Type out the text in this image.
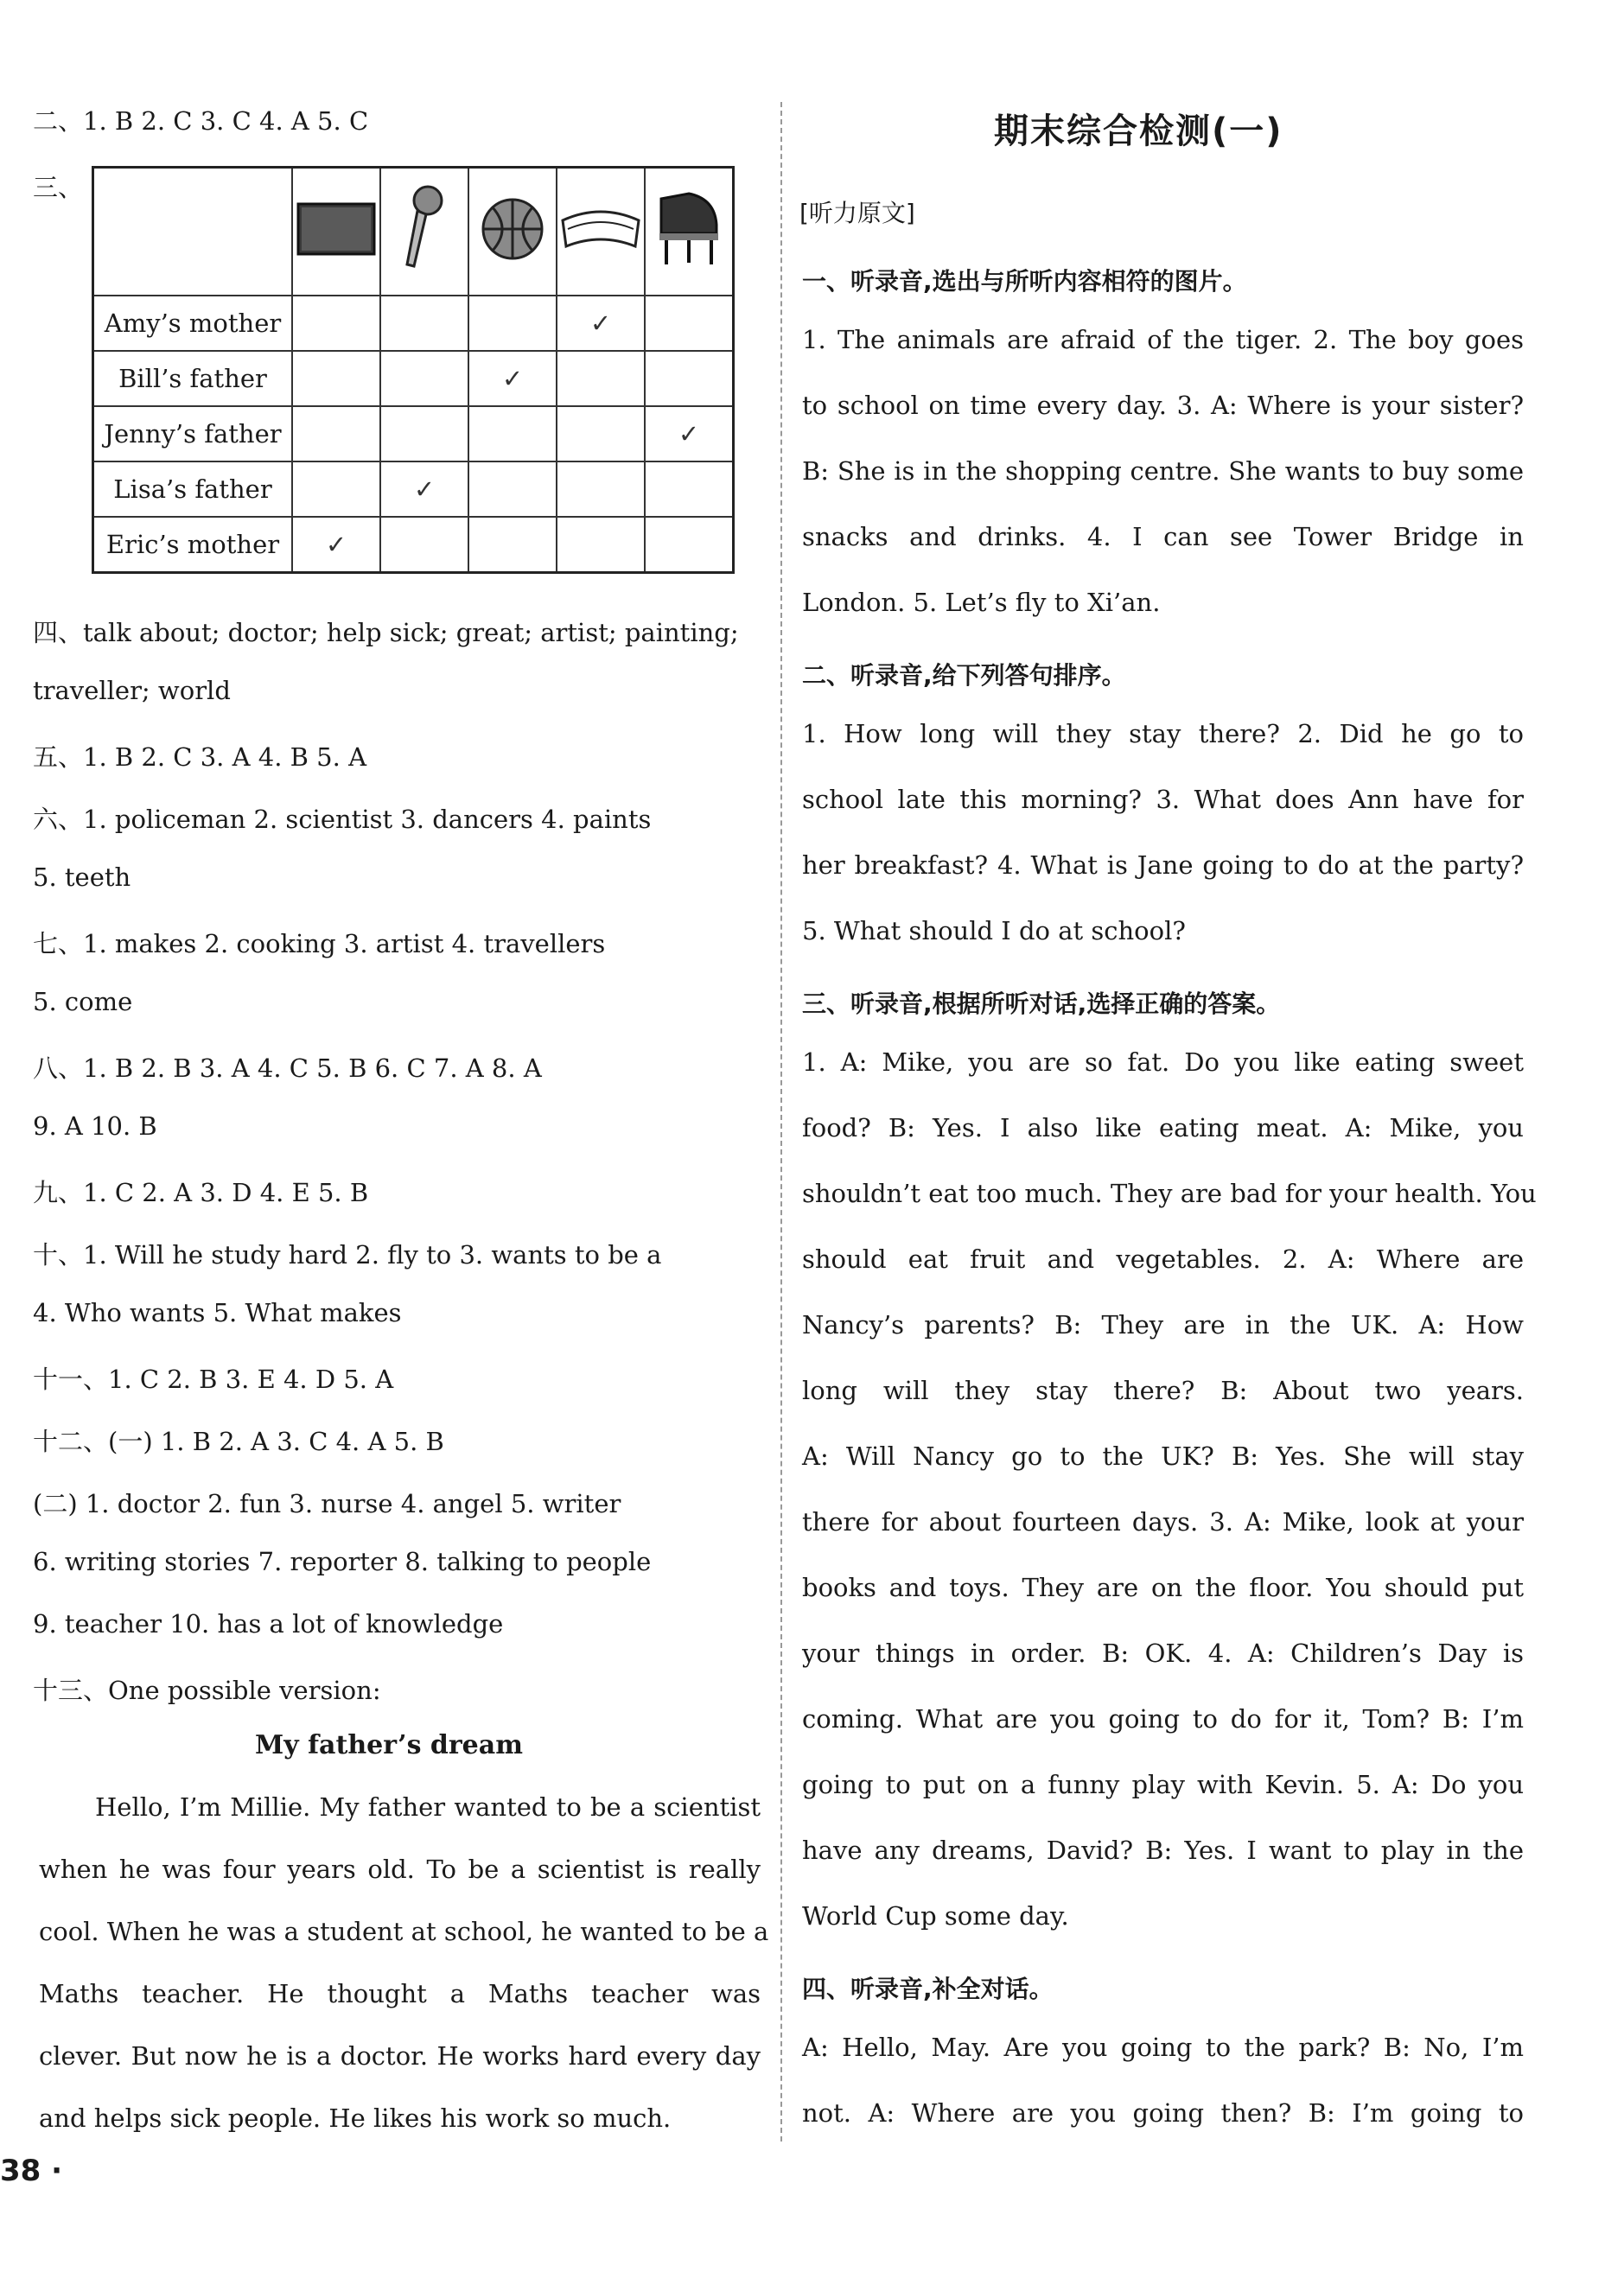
二、1. B 2. C 3. C 4. A 5. C
三、

Amy’s mother				✓	
Bill’s father			✓		
Jenny’s father					✓
Lisa’s father		✓			
Eric’s mother	✓				
四、talk about; doctor; help sick; great; artist; painting;
traveller; world
五、1. B 2. C 3. A 4. B 5. A
六、1. policeman 2. scientist 3. dancers 4. paints
5. teeth
七、1. makes 2. cooking 3. artist 4. travellers
5. come
八、1. B 2. B 3. A 4. C 5. B 6. C 7. A 8. A
9. A 10. B
九、1. C 2. A 3. D 4. E 5. B
十、1. Will he study hard 2. fly to 3. wants to be a
4. Who wants 5. What makes
十一、1. C 2. B 3. E 4. D 5. A
十二、(一) 1. B 2. A 3. C 4. A 5. B
(二) 1. doctor 2. fun 3. nurse 4. angel 5. writer
6. writing stories 7. reporter 8. talking to people
9. teacher 10. has a lot of knowledge
十三、One possible version:
My father’s dream
Hello, I’m Millie. My father wanted to be a scientist
when he was four years old. To be a scientist is really
cool. When he was a student at school, he wanted to be a
Maths teacher. He thought a Maths teacher was
clever. But now he is a doctor. He works hard every day
and helps sick people. He likes his work so much.
38 ·
期末综合检测(一)
[听力原文]
一、听录音,选出与所听内容相符的图片。
1. The animals are afraid of the tiger. 2. The boy goes
to school on time every day. 3. A: Where is your sister?
B: She is in the shopping centre. She wants to buy some
snacks and drinks. 4. I can see Tower Bridge in
London. 5. Let’s fly to Xi’an.
二、听录音,给下列答句排序。
1. How long will they stay there? 2. Did he go to
school late this morning? 3. What does Ann have for
her breakfast? 4. What is Jane going to do at the party?
5. What should I do at school?
三、听录音,根据所听对话,选择正确的答案。
1. A: Mike, you are so fat. Do you like eating sweet
food? B: Yes. I also like eating meat. A: Mike, you
shouldn’t eat too much. They are bad for your health. You
should eat fruit and vegetables. 2. A: Where are
Nancy’s parents? B: They are in the UK. A: How
long will they stay there? B: About two years.
A: Will Nancy go to the UK? B: Yes. She will stay
there for about fourteen days. 3. A: Mike, look at your
books and toys. They are on the floor. You should put
your things in order. B: OK. 4. A: Children’s Day is
coming. What are you going to do for it, Tom? B: I’m
going to put on a funny play with Kevin. 5. A: Do you
have any dreams, David? B: Yes. I want to play in the
World Cup some day.
四、听录音,补全对话。
A: Hello, May. Are you going to the park? B: No, I’m
not. A: Where are you going then? B: I’m going to
